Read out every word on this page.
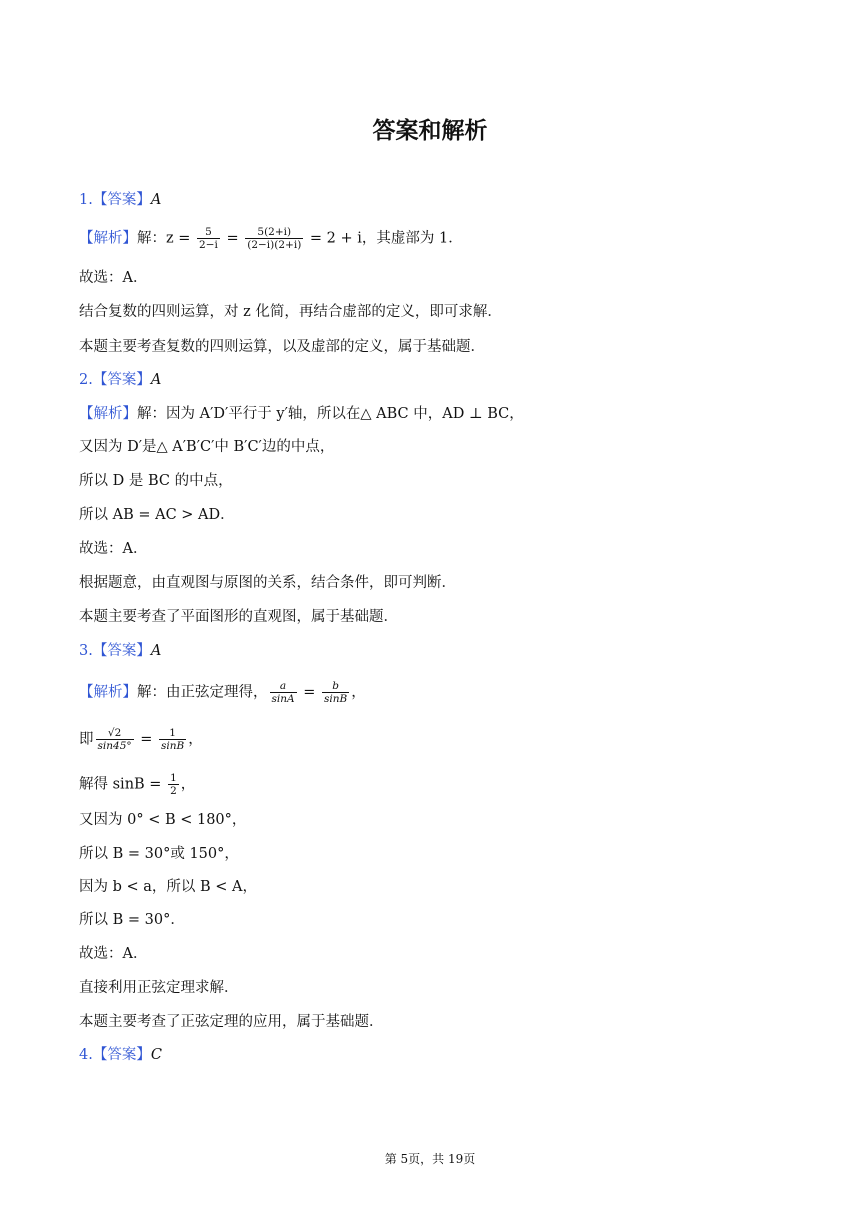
答案和解析
1.【答案】A
【解析】解：$z = \frac{5}{2-i} = \frac{5(2+i)}{(2-i)(2+i)} = 2 + i$，其虚部为 1．
故选：A．
结合复数的四则运算，对 z 化简，再结合虚部的定义，即可求解．
本题主要考查复数的四则运算，以及虚部的定义，属于基础题．
2.【答案】A
【解析】解：因为 A′D′平行于 y′轴，所以在△ ABC 中，AD ⊥ BC，
又因为 D′是△ A′B′C′中 B′C′边的中点，
所以 D 是 BC 的中点，
所以 AB = AC > AD．
故选：A．
根据题意，由直观图与原图的关系，结合条件，即可判断．
本题主要考查了平面图形的直观图，属于基础题．
3.【答案】A
【解析】解：由正弦定理得， $\frac{a}{\sin A} = \frac{b}{\sin B}$ ，
即 $\frac{√2}{\sin 45^\circ} = \frac{1}{\sin B}$ ，
解得 $\sin B = \frac{1}{2}$ ，
又因为 0° < B < 180°，
所以 B = 30°或 150°，
因为 b < a，所以 B < A，
所以 B = 30°．
故选：A．
直接利用正弦定理求解．
本题主要考查了正弦定理的应用，属于基础题．
4.【答案】C
第 5页，共 19页
